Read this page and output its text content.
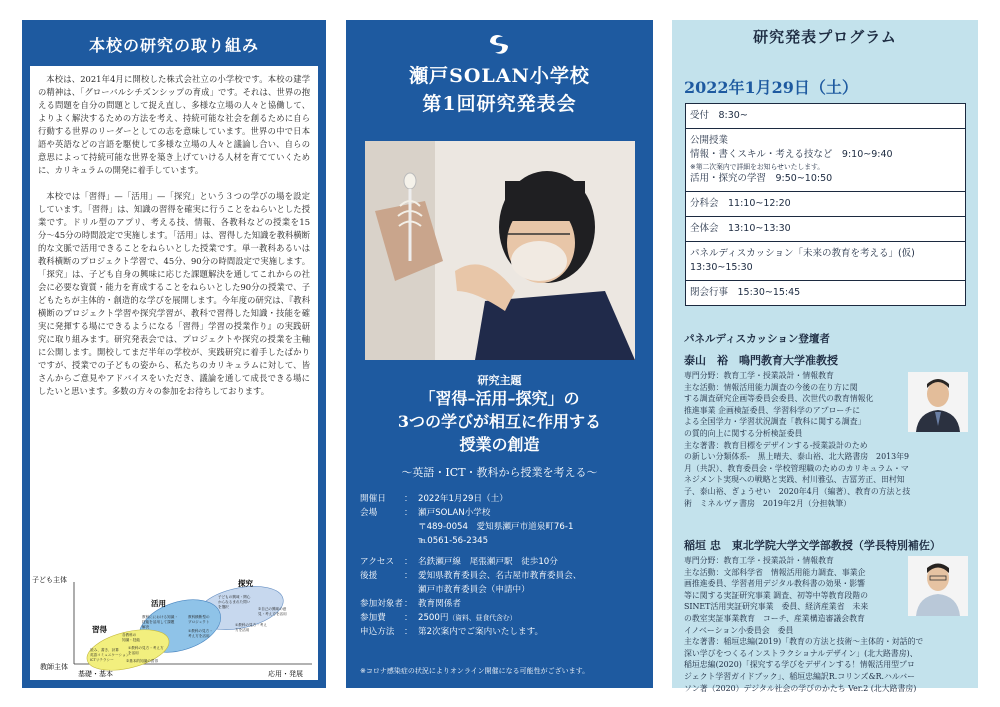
本校の研究の取り組み

本校は、2021年4月に開校した株式会社立の小学校です。本校の建学の精神は、「グローバルシチズンシップの育成」です。それは、世界の抱える問題を自分の問題として捉え直し、多様な立場の人々と協働して、よりよく解決するための方法を考え、持続可能な社会を創るために自ら行動する世界のリーダーとしての志を意味しています。世界の中で日本語や英語などの言語を駆使して多様な立場の人々と議論し合い、自らの意思によって持続可能な世界を築き上げていける人材を育てていくために、カリキュラムの開発に着手しています。

本校では「習得」—「活用」—「探究」という３つの学びの場を設定しています。「習得」は、知識の習得を確実に行うことをねらいとした授業です。ドリル型のアプリ、考える技、情報、各教科などの授業を15分〜45分の時間設定で実施します。「活用」は、習得した知識を教科横断的な文脈で活用できることをねらいとした授業です。単一教科あるいは教科横断のプロジェクト学習で、45分、90分の時間設定で実施します。「探究」は、子ども自身の興味に応じた課題解決を通してこれからの社会に必要な資質・能力を育成することをねらいとした90分の授業で、子どもたちが主体的・創造的な学びを展開します。今年度の研究は、『教科横断のプロジェクト学習や探究学習が、教科で習得した知識・技能を確実に発揮する場にできるようになる「習得」学習の授業作り』の実践研究に取り組みます。研究発表会では、プロジェクトや探究の授業を主軸に公開します。開校してまだ半年の学校が、実践研究に着手したばかりですが、授業での子どもの姿から、私たちのカリキュラムに対して、皆さんからご意見やアドバイスをいただき、議論を通して成長できる場にしたいと思います。多数の方々の参加をお待ちしております。

子ども主体
教師主体
基礎・基本	応用・発展
探究
活用
習得
子どもの興味・関心
からなるまれた問い
を選択	②自己の興味の意
見・考え方を活用
教科ににおける知識・
技能を活用して課題
解決
教科横断型の
プロジェクト
①教科の見方・
考え方を活用
①教科の見方・考え
方を活用
各教科の
知識・技能
読み、書き、計算
英語コミュニケーション
ICTリテラシー
①教科の見方・考え方
を活用
②基本的知識の習得
瀬戸SOLAN小学校
第1回研究発表会
研究主題
「習得–活用–探究」の
3つの学びが相互に作用する
授業の創造
〜英語・ICT・教科から授業を考える〜
開催日	： 2022年1月29日（土）
会場	： 瀬戸SOLAN小学校
〒489-0054　愛知県瀬戸市道泉町76-1
℡0561-56-2345
アクセス	： 名鉄瀬戸線　尾張瀬戸駅　徒歩10分
後援	： 愛知県教育委員会、名古屋市教育委員会、
瀬戸市教育委員会（申請中）
参加対象者 ： 教育関係者
参加費	： 2500円（資料、昼食代含む）
申込方法	： 第2次案内でご案内いたします。
※コロナ感染症の状況によりオンライン開催になる可能性がございます。
研究発表プログラム
2022年1月29日（土）
受付　8:30~
公開授業
情報・書くスキル・考える技など　9:10~9:40
※第二次案内で詳細をお知らせいたします。
活用・探究の学習　9:50~10:50
分科会　11:10~12:20
全体会　13:10~13:30
パネルディスカッション「未来の教育を考える」(仮)
13:30~15:30
閉会行事　15:30~15:45
パネルディスカッション登壇者
泰山　裕　鳴門教育大学准教授
専門分野：教育工学・授業設計・情報教育
主な活動：情報活用能力調査の今後の在り方に関
する調査研究企画等委員会委員、次世代の教育情報化
推進事業 企画検証委員、学習科学のアプローチに
よる全国学力・学習状況調査「教科に関する調査」
の質的向上に関する分析検証委員
主な著書：教育目標をデザインする-授業設計のため
の新しい分類体系-　黒上晴夫、泰山裕、北大路書房　2013年9
月（共訳）、教育委員会・学校管理職のためのカリキュラム・マ
ネジメント実現への戦略と実践、村川雅弘、吉冨芳正、田村知
子、泰山裕、ぎょうせい　2020年4月（編著）、教育の方法と技
術　ミネルヴァ書房　2019年2月（分担執筆）
稲垣 忠　東北学院大学文学部教授（学長特別補佐）
専門分野：教育工学・授業設計・情報教育
主な活動：文部科学省　情報活用能力調査、事業企
画推進委員、学習者用デジタル教科書の効果・影響
等に関する実証研究事業 調査、初等中等教育段階の
SINET活用実証研究事業　委員、経済産業省　未来
の教室実証事業教育　コーチ、産業構造審議会教育
イノベーション小委員会　委員
主な著書：稲垣忠編(2019)「教育の方法と技術～主体的・対話的で
深い学びをつくるインストラクショナルデザイン」(北大路書房)、
稲垣忠編(2020)「探究する学びをデザインする！情報活用型プロ
ジェクト学習ガイドブック」、稲垣忠編訳R.コリンズ&R.ハルバー
ソン著（2020）デジタル社会の学びのかたち Ver.2 (北大路書房)
